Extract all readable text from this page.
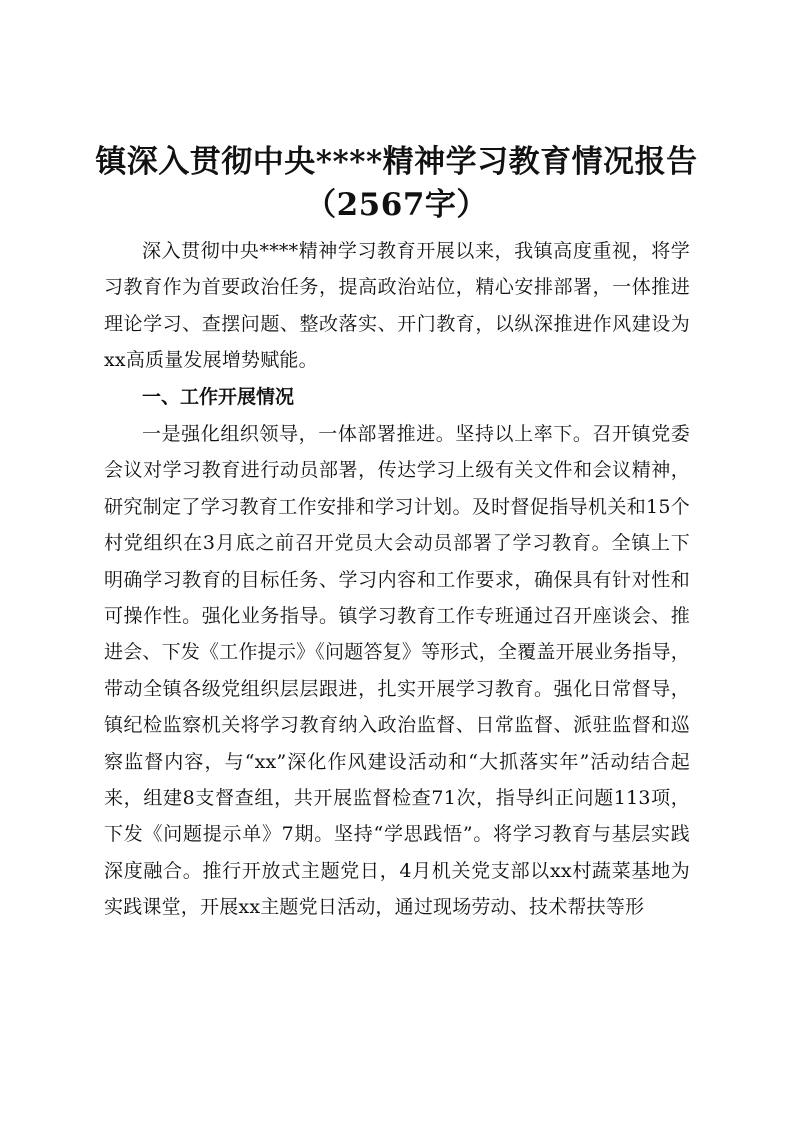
镇深入贯彻中央****精神学习教育情况报告
（2567字）

深入贯彻中央****精神学习教育开展以来，我镇高度重视，将学习教育作为首要政治任务，提高政治站位，精心安排部署，一体推进理论学习、查摆问题、整改落实、开门教育，以纵深推进作风建设为xx高质量发展增势赋能。

一、工作开展情况

一是强化组织领导，一体部署推进。坚持以上率下。召开镇党委会议对学习教育进行动员部署，传达学习上级有关文件和会议精神，研究制定了学习教育工作安排和学习计划。及时督促指导机关和15个村党组织在3月底之前召开党员大会动员部署了学习教育。全镇上下明确学习教育的目标任务、学习内容和工作要求，确保具有针对性和可操作性。强化业务指导。镇学习教育工作专班通过召开座谈会、推进会、下发《工作提示》《问题答复》等形式，全覆盖开展业务指导，带动全镇各级党组织层层跟进，扎实开展学习教育。强化日常督导，镇纪检监察机关将学习教育纳入政治监督、日常监督、派驻监督和巡察监督内容，与“xx”深化作风建设活动和“大抓落实年”活动结合起来，组建8支督查组，共开展监督检查71次，指导纠正问题113项，下发《问题提示单》7期。坚持“学思践悟”。将学习教育与基层实践深度融合。推行开放式主题党日，4月机关党支部以xx村蔬菜基地为实践课堂，开展xx主题党日活动，通过现场劳动、技术帮扶等形
